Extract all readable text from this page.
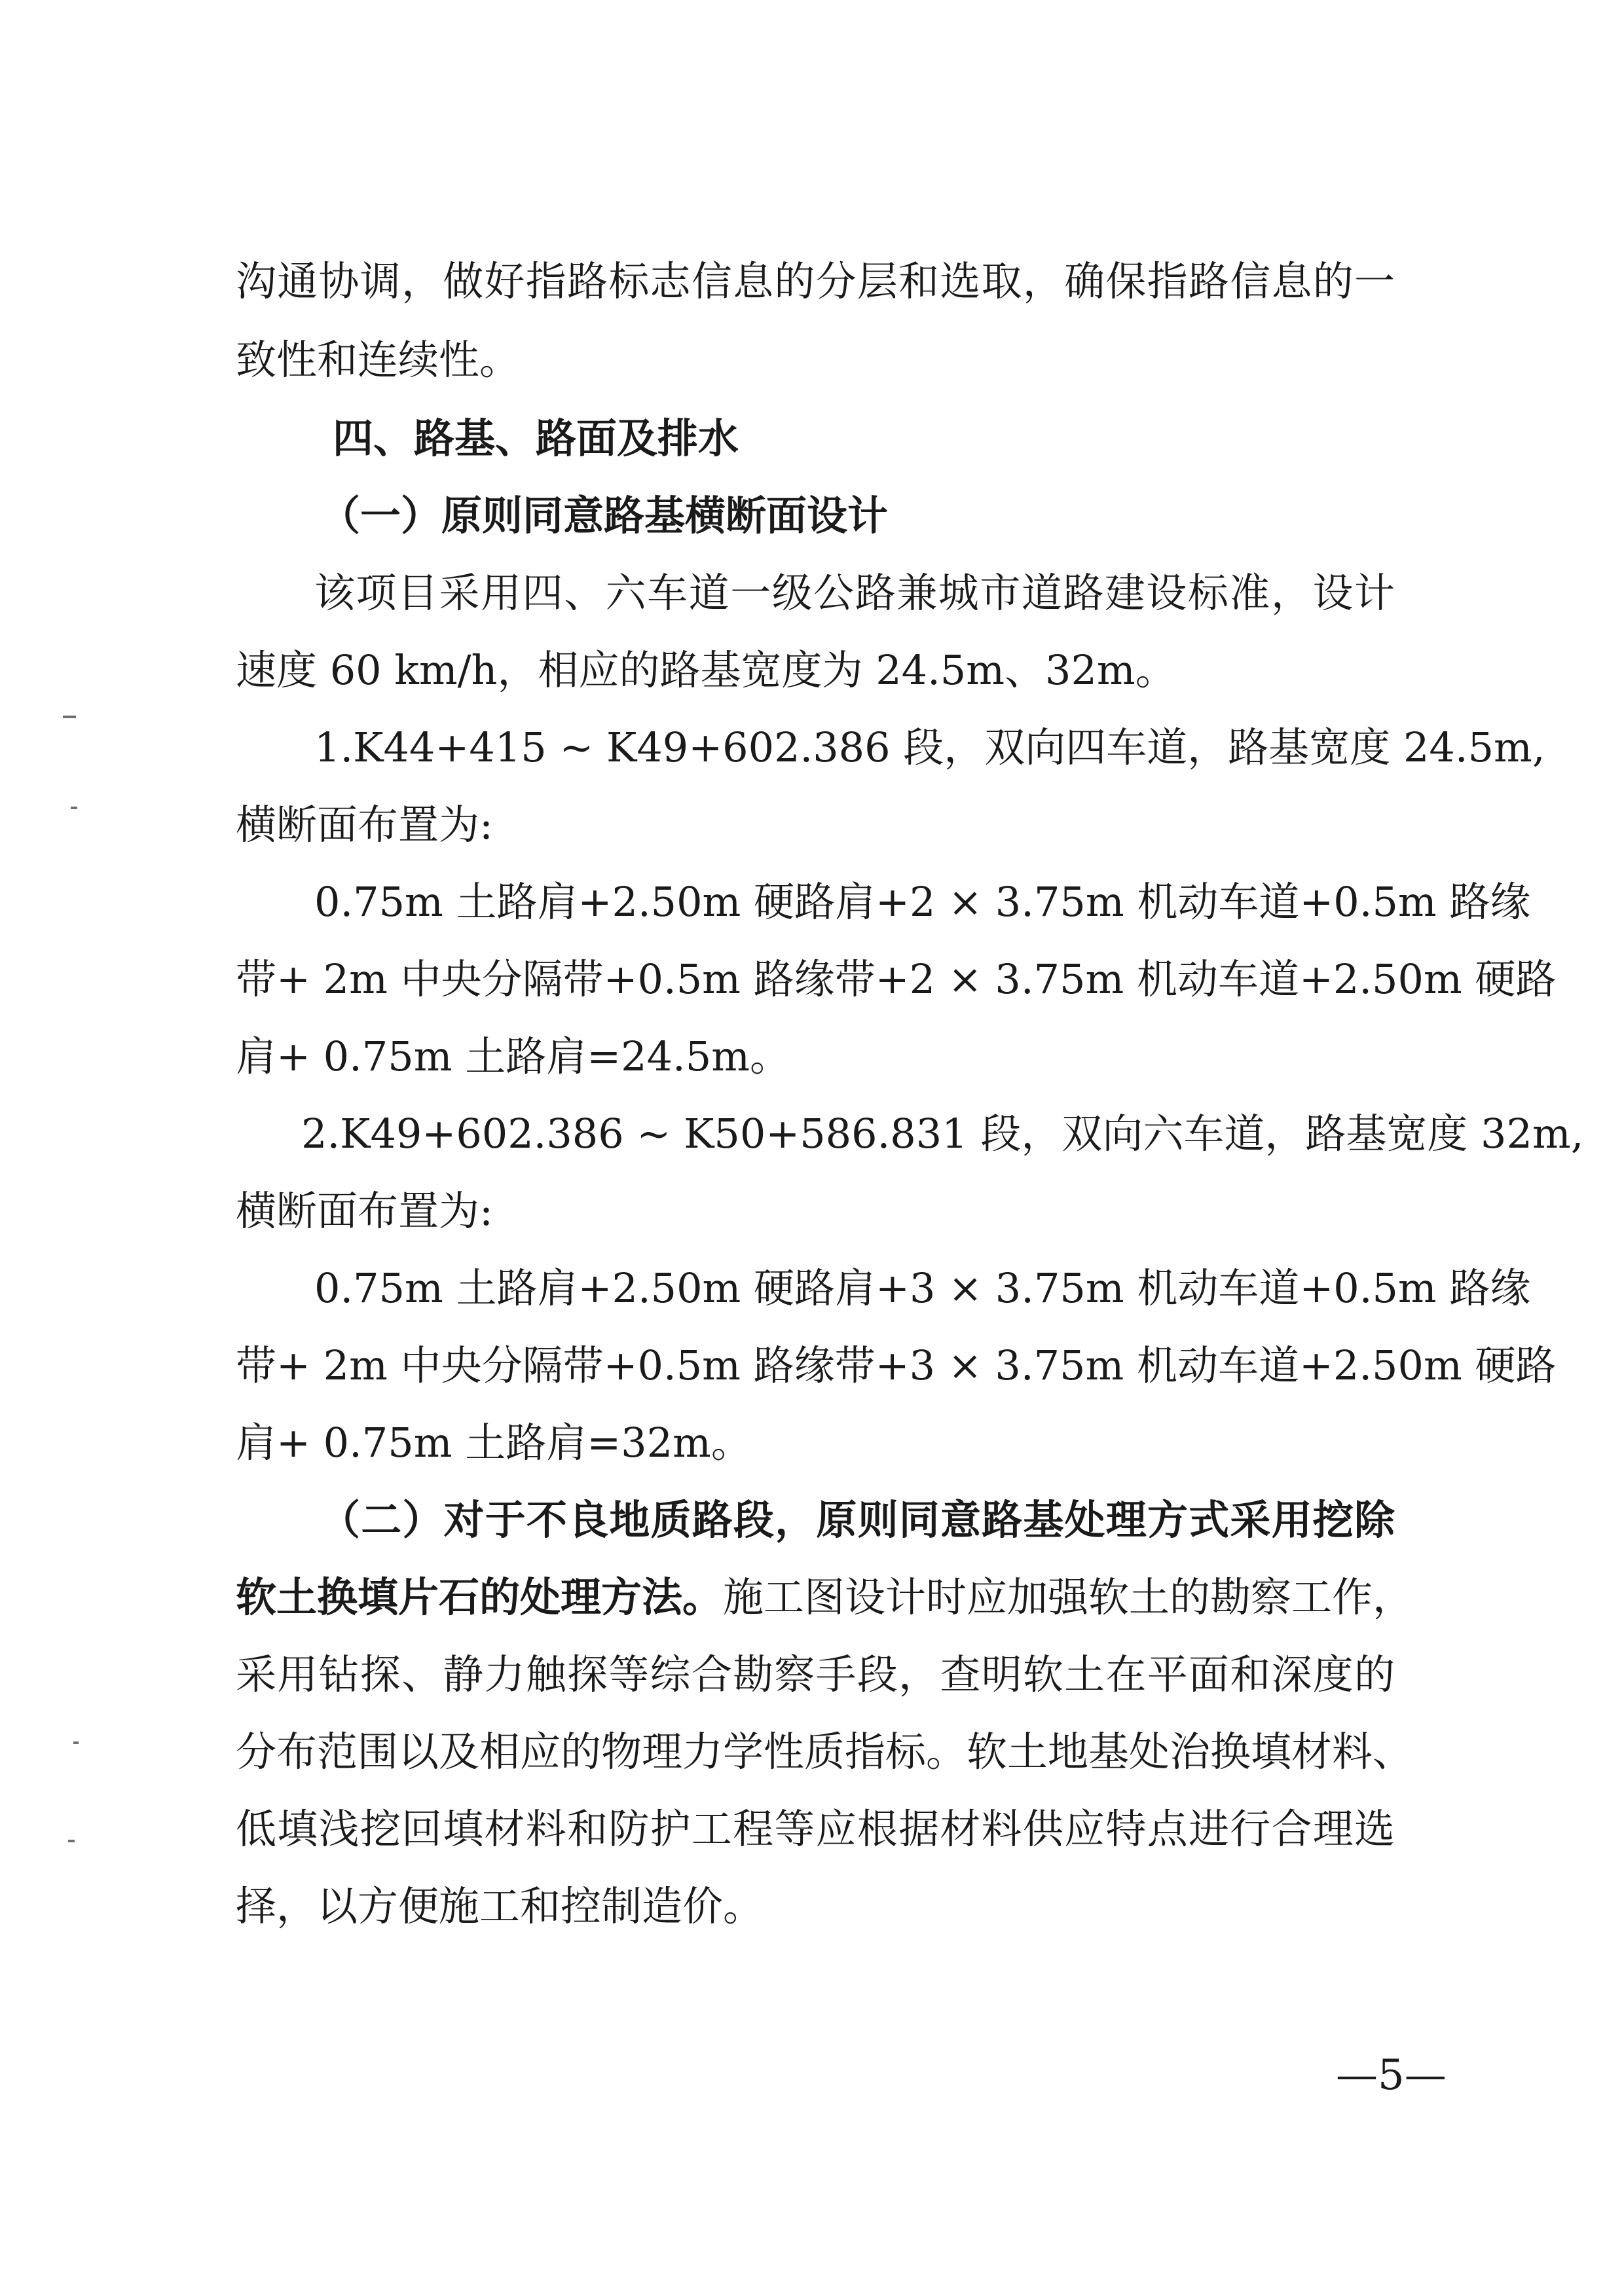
沟通协调，做好指路标志信息的分层和选取，确保指路信息的一
致性和连续性。
四、路基、路面及排水
（一）原则同意路基横断面设计
该项目采用四、六车道一级公路兼城市道路建设标准，设计
速度 60 km/h，相应的路基宽度为 24.5m、32m。
1.K44+415 ~ K49+602.386 段，双向四车道，路基宽度 24.5m,
横断面布置为:
0.75m 土路肩+2.50m 硬路肩+2 × 3.75m 机动车道+0.5m 路缘
带+ 2m 中央分隔带+0.5m 路缘带+2 × 3.75m 机动车道+2.50m 硬路
肩+ 0.75m 土路肩=24.5m。
2.K49+602.386 ~ K50+586.831 段，双向六车道，路基宽度 32m,
横断面布置为:
0.75m 土路肩+2.50m 硬路肩+3 × 3.75m 机动车道+0.5m 路缘
带+ 2m 中央分隔带+0.5m 路缘带+3 × 3.75m 机动车道+2.50m 硬路
肩+ 0.75m 土路肩=32m。
（二）对于不良地质路段，原则同意路基处理方式采用挖除
软土换填片石的处理方法。施工图设计时应加强软土的勘察工作，
采用钻探、静力触探等综合勘察手段，查明软土在平面和深度的
分布范围以及相应的物理力学性质指标。软土地基处治换填材料、
低填浅挖回填材料和防护工程等应根据材料供应特点进行合理选
择，以方便施工和控制造价。
—5—
